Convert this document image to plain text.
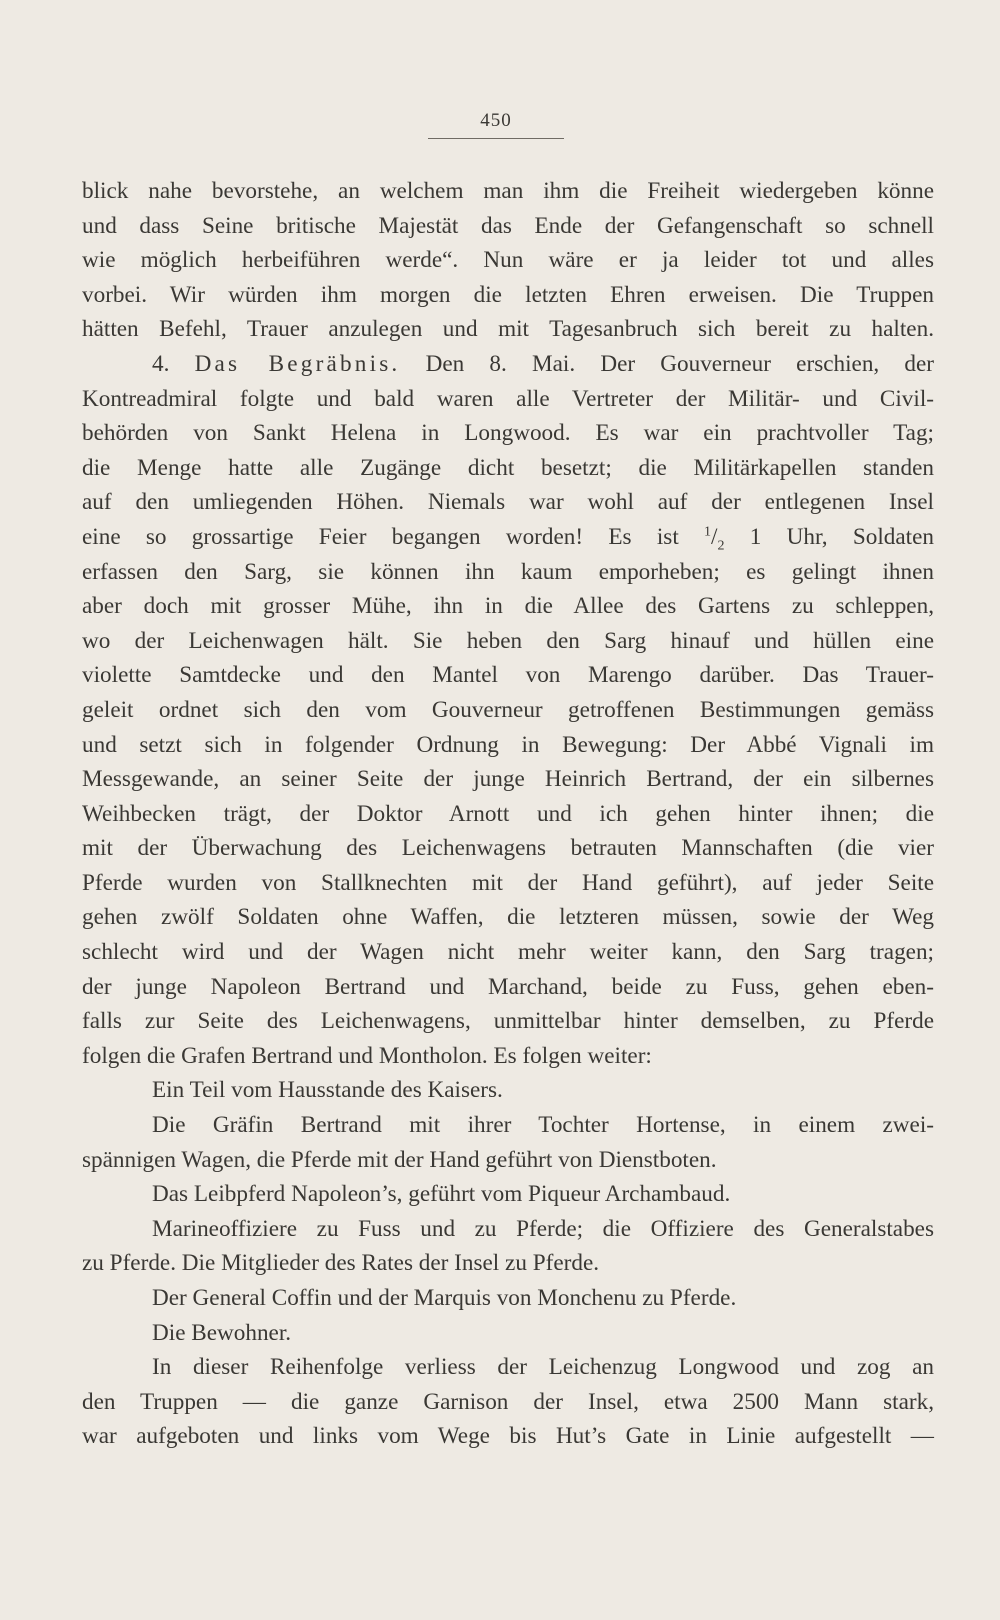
450
blick nahe bevorstehe, an welchem man ihm die Freiheit wiedergeben könne
und dass Seine britische Majestät das Ende der Gefangenschaft so schnell
wie möglich herbeiführen werde“. Nun wäre er ja leider tot und alles
vorbei. Wir würden ihm morgen die letzten Ehren erweisen. Die Truppen
hätten Befehl, Trauer anzulegen und mit Tagesanbruch sich bereit zu halten.
4. Das Begräbnis. Den 8. Mai. Der Gouverneur erschien, der
Kontreadmiral folgte und bald waren alle Vertreter der Militär- und Civil-
behörden von Sankt Helena in Longwood. Es war ein prachtvoller Tag;
die Menge hatte alle Zugänge dicht besetzt; die Militärkapellen standen
auf den umliegenden Höhen. Niemals war wohl auf der entlegenen Insel
eine so grossartige Feier begangen worden! Es ist $^1/_2$ 1 Uhr, Soldaten
erfassen den Sarg, sie können ihn kaum emporheben; es gelingt ihnen
aber doch mit grosser Mühe, ihn in die Allee des Gartens zu schleppen,
wo der Leichenwagen hält. Sie heben den Sarg hinauf und hüllen eine
violette Samtdecke und den Mantel von Marengo darüber. Das Trauer-
geleit ordnet sich den vom Gouverneur getroffenen Bestimmungen gemäss
und setzt sich in folgender Ordnung in Bewegung: Der Abbé Vignali im
Messgewande, an seiner Seite der junge Heinrich Bertrand, der ein silbernes
Weihbecken trägt, der Doktor Arnott und ich gehen hinter ihnen; die
mit der Überwachung des Leichenwagens betrauten Mannschaften (die vier
Pferde wurden von Stallknechten mit der Hand geführt), auf jeder Seite
gehen zwölf Soldaten ohne Waffen, die letzteren müssen, sowie der Weg
schlecht wird und der Wagen nicht mehr weiter kann, den Sarg tragen;
der junge Napoleon Bertrand und Marchand, beide zu Fuss, gehen eben-
falls zur Seite des Leichenwagens, unmittelbar hinter demselben, zu Pferde
folgen die Grafen Bertrand und Montholon. Es folgen weiter:
Ein Teil vom Hausstande des Kaisers.
Die Gräfin Bertrand mit ihrer Tochter Hortense, in einem zwei-
spännigen Wagen, die Pferde mit der Hand geführt von Dienstboten.
Das Leibpferd Napoleon’s, geführt vom Piqueur Archambaud.
Marineoffiziere zu Fuss und zu Pferde; die Offiziere des Generalstabes
zu Pferde. Die Mitglieder des Rates der Insel zu Pferde.
Der General Coffin und der Marquis von Monchenu zu Pferde.
Die Bewohner.
In dieser Reihenfolge verliess der Leichenzug Longwood und zog an
den Truppen — die ganze Garnison der Insel, etwa 2500 Mann stark,
war aufgeboten und links vom Wege bis Hut’s Gate in Linie aufgestellt —
